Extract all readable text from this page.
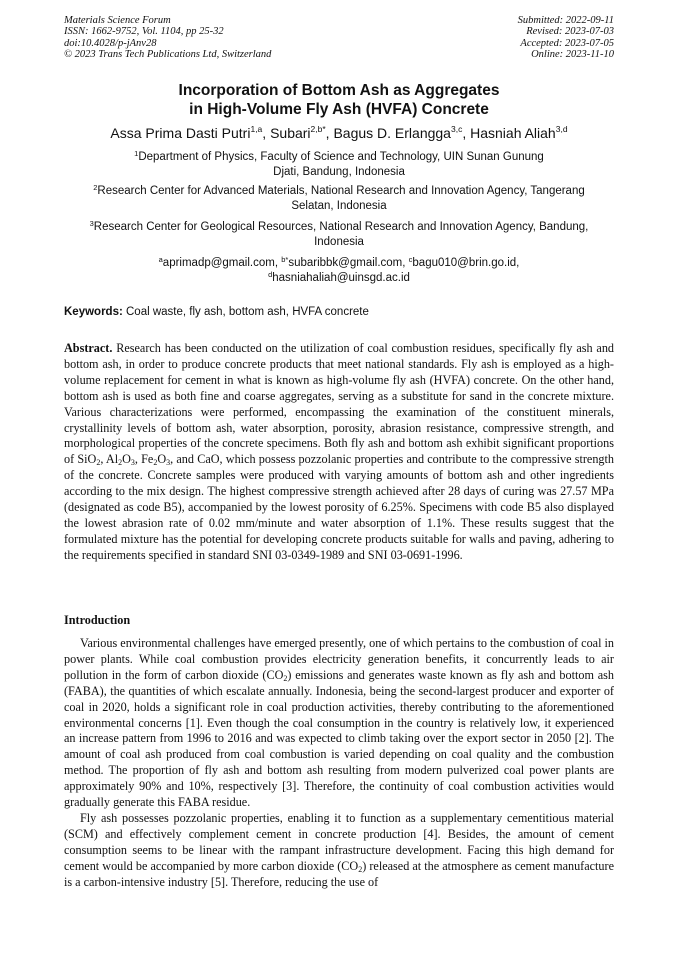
Materials Science Forum
ISSN: 1662-9752, Vol. 1104, pp 25-32
doi:10.4028/p-jAnv28
© 2023 Trans Tech Publications Ltd, Switzerland
Submitted: 2022-09-11
Revised: 2023-07-03
Accepted: 2023-07-05
Online: 2023-11-10
Incorporation of Bottom Ash as Aggregates
in High-Volume Fly Ash (HVFA) Concrete
Assa Prima Dasti Putri$^{1,a}$, Subari$^{2,b*}$, Bagus D. Erlangga$^{3,c}$, Hasniah Aliah$^{3,d}$
$^1$Department of Physics, Faculty of Science and Technology, UIN Sunan Gunung
Djati, Bandung, Indonesia
$^2$Research Center for Advanced Materials, National Research and Innovation Agency, Tangerang
Selatan, Indonesia
$^3$Research Center for Geological Resources, National Research and Innovation Agency, Bandung,
Indonesia
$^a$aprimadp@gmail.com, $^{b*}$subaribbk@gmail.com, $^c$bagu010@brin.go.id,
$^d$hasniahaliah@uinsgd.ac.id
Keywords: Coal waste, fly ash, bottom ash, HVFA concrete
Abstract. Research has been conducted on the utilization of coal combustion residues, specifically fly ash and bottom ash, in order to produce concrete products that meet national standards. Fly ash is employed as a high-volume replacement for cement in what is known as high-volume fly ash (HVFA) concrete. On the other hand, bottom ash is used as both fine and coarse aggregates, serving as a substitute for sand in the concrete mixture. Various characterizations were performed, encompassing the examination of the constituent minerals, crystallinity levels of bottom ash, water absorption, porosity, abrasion resistance, compressive strength, and morphological properties of the concrete specimens. Both fly ash and bottom ash exhibit significant proportions of SiO$_2$, $Al_2O_3$, $Fe_2O_3$, and CaO, which possess pozzolanic properties and contribute to the compressive strength of the concrete. Concrete samples were produced with varying amounts of bottom ash and other ingredients according to the mix design. The highest compressive strength achieved after 28 days of curing was 27.57 MPa (designated as code B5), accompanied by the lowest porosity of 6.25%. Specimens with code B5 also displayed the lowest abrasion rate of 0.02 mm/minute and water absorption of 1.1%. These results suggest that the formulated mixture has the potential for developing concrete products suitable for walls and paving, adhering to the requirements specified in standard SNI 03-0349-1989 and SNI 03-0691-1996.
Introduction

Various environmental challenges have emerged presently, one of which pertains to the combustion of coal in power plants. While coal combustion provides electricity generation benefits, it concurrently leads to air pollution in the form of carbon dioxide $(CO_2)$ emissions and generates waste known as fly ash and bottom ash (FABA), the quantities of which escalate annually. Indonesia, being the second-largest producer and exporter of coal in 2020, holds a significant role in coal production activities, thereby contributing to the aforementioned environmental concerns [1]. Even though the coal consumption in the country is relatively low, it experienced an increase pattern from 1996 to 2016 and was expected to climb taking over the export sector in 2050 [2]. The amount of coal ash produced from coal combustion is varied depending on coal quality and the combustion method. The proportion of fly ash and bottom ash resulting from modern pulverized coal power plants are approximately 90% and 10%, respectively [3]. Therefore, the continuity of coal combustion activities would gradually generate this FABA residue.

Fly ash possesses pozzolanic properties, enabling it to function as a supplementary cementitious material (SCM) and effectively complement cement in concrete production [4]. Besides, the amount of cement consumption seems to be linear with the rampant infrastructure development. Facing this high demand for cement would be accompanied by more carbon dioxide $(CO_2)$ released at the atmosphere as cement manufacture is a carbon-intensive industry [5]. Therefore, reducing the use of
